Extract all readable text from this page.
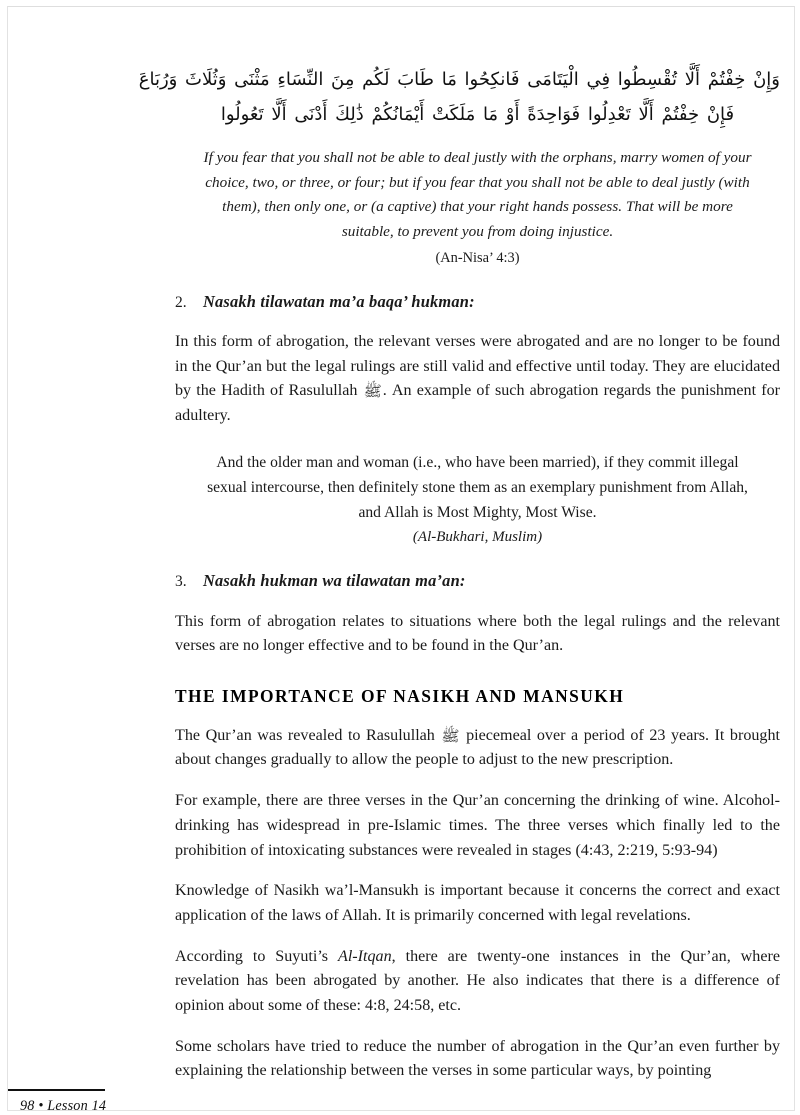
وَإِنْ خِفْتُمْ أَلَّا تُقْسِطُوا فِي الْيَتَامَى فَانكِحُوا مَا طَابَ لَكُم مِنَ النِّسَاءِ مَثْنَى وَثُلَاثَ وَرُبَاعَ
فَإِنْ خِفْتُمْ أَلَّا تَعْدِلُوا فَوَاحِدَةً أَوْ مَا مَلَكَتْ أَيْمَانُكُمْ ذَٰلِكَ أَدْنَى أَلَّا تَعُولُوا
If you fear that you shall not be able to deal justly with the orphans, marry women of your choice, two, or three, or four; but if you fear that you shall not be able to deal justly (with them), then only one, or (a captive) that your right hands possess. That will be more suitable, to prevent you from doing injustice.
(An-Nisa’ 4:3)
2. Nasakh tilawatan ma’a baqa’ hukman:

In this form of abrogation, the relevant verses were abrogated and are no longer to be found in the Qur’an but the legal rulings are still valid and effective until today. They are elucidated by the Hadith of Rasulullah ﷺ. An example of such abrogation regards the punishment for adultery.

And the older man and woman (i.e., who have been married), if they commit illegal sexual intercourse, then definitely stone them as an exemplary punishment from Allah, and Allah is Most Mighty, Most Wise.
(Al-Bukhari, Muslim)
3. Nasakh hukman wa tilawatan ma’an:

This form of abrogation relates to situations where both the legal rulings and the relevant verses are no longer effective and to be found in the Qur’an.

THE IMPORTANCE OF NASIKH AND MANSUKH

The Qur’an was revealed to Rasulullah ﷺ piecemeal over a period of 23 years. It brought about changes gradually to allow the people to adjust to the new prescription.

For example, there are three verses in the Qur’an concerning the drinking of wine. Alcohol-drinking has widespread in pre-Islamic times. The three verses which finally led to the prohibition of intoxicating substances were revealed in stages (4:43, 2:219, 5:93-94)

Knowledge of Nasikh wa’l-Mansukh is important because it concerns the correct and exact application of the laws of Allah. It is primarily concerned with legal revelations.

According to Suyuti’s Al-Itqan, there are twenty-one instances in the Qur’an, where revelation has been abrogated by another. He also indicates that there is a difference of opinion about some of these: 4:8, 24:58, etc.

Some scholars have tried to reduce the number of abrogation in the Qur’an even further by explaining the relationship between the verses in some particular ways, by pointing

98 • Lesson 14
